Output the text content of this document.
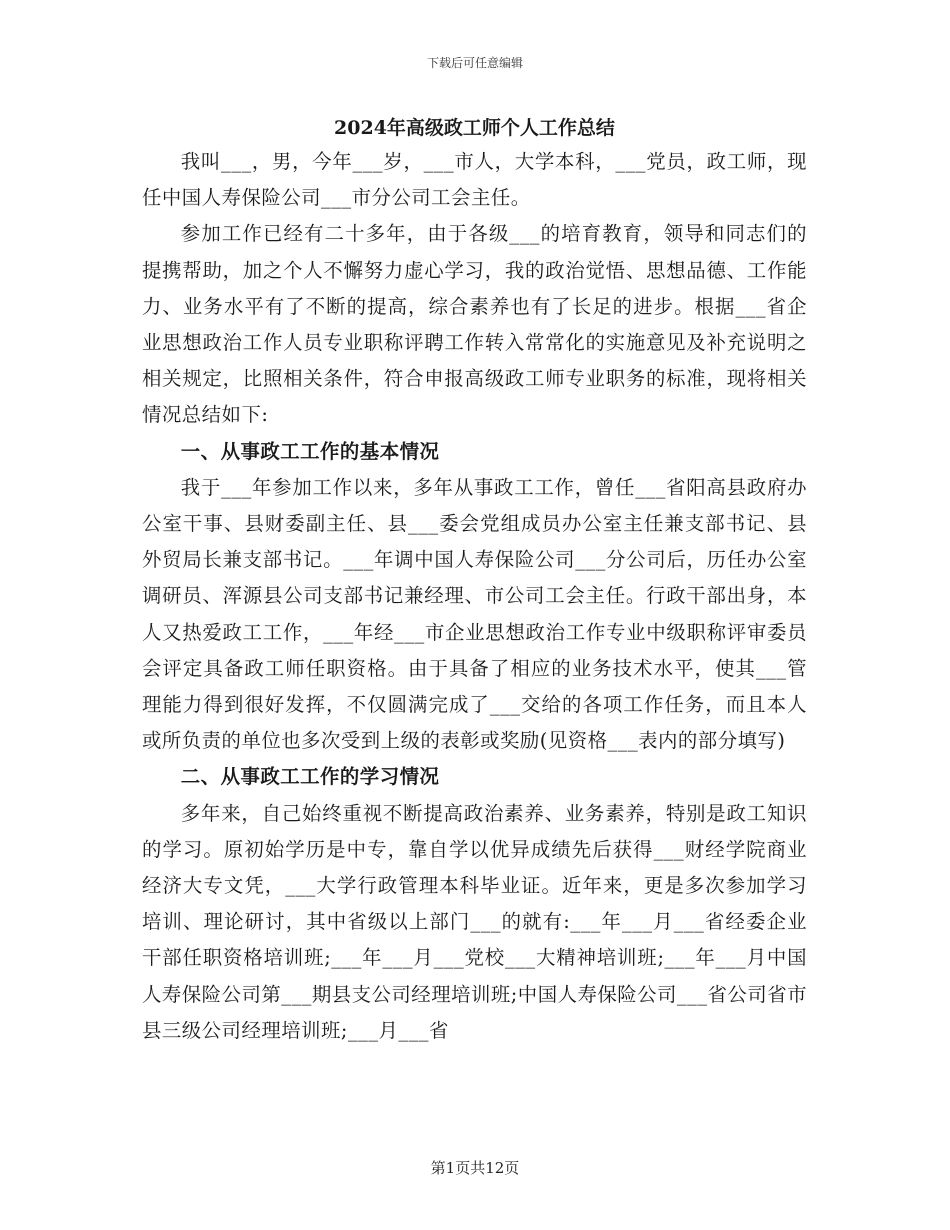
下载后可任意编辑
2024年高级政工师个人工作总结

我叫___，男，今年___岁，___市人，大学本科，___党员，政工师，现任中国人寿保险公司___市分公司工会主任。

参加工作已经有二十多年，由于各级___的培育教育，领导和同志们的提携帮助，加之个人不懈努力虚心学习，我的政治觉悟、思想品德、工作能力、业务水平有了不断的提高，综合素养也有了长足的进步。根据___省企业思想政治工作人员专业职称评聘工作转入常常化的实施意见及补充说明之相关规定，比照相关条件，符合申报高级政工师专业职务的标准，现将相关情况总结如下:

一、从事政工工作的基本情况

我于___年参加工作以来，多年从事政工工作，曾任___省阳高县政府办公室干事、县财委副主任、县___委会党组成员办公室主任兼支部书记、县外贸局长兼支部书记。___年调中国人寿保险公司___分公司后，历任办公室调研员、浑源县公司支部书记兼经理、市公司工会主任。行政干部出身，本人又热爱政工工作，___年经___市企业思想政治工作专业中级职称评审委员会评定具备政工师任职资格。由于具备了相应的业务技术水平，使其___管理能力得到很好发挥，不仅圆满完成了___交给的各项工作任务，而且本人或所负责的单位也多次受到上级的表彰或奖励(见资格___表内的部分填写)

二、从事政工工作的学习情况

多年来，自己始终重视不断提高政治素养、业务素养，特别是政工知识的学习。原初始学历是中专，靠自学以优异成绩先后获得___财经学院商业经济大专文凭，___大学行政管理本科毕业证。近年来，更是多次参加学习培训、理论研讨，其中省级以上部门___的就有:___年___月___省经委企业干部任职资格培训班;___年___月___党校___大精神培训班;___年___月中国人寿保险公司第___期县支公司经理培训班;中国人寿保险公司___省公司省市县三级公司经理培训班;___月___省

第1页共12页
